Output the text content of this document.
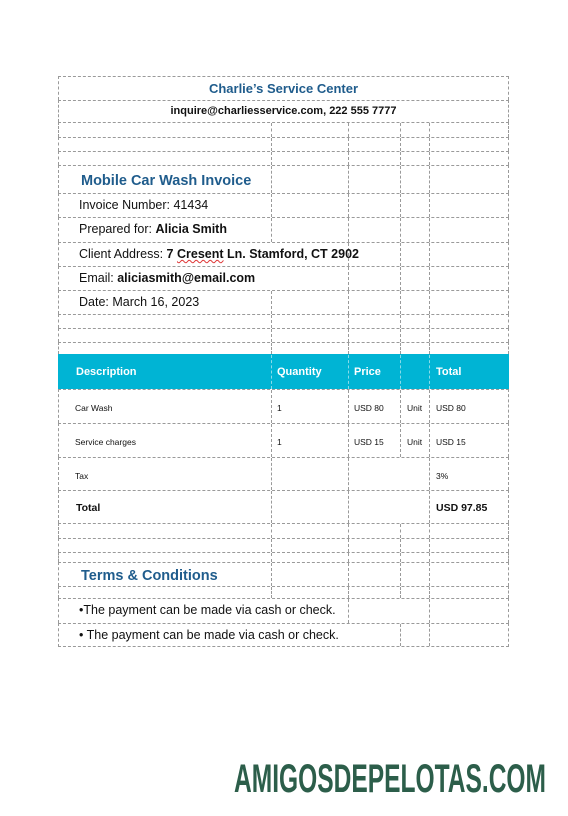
Charlie’s Service Center
inquire@charliesservice.com, 222 555 7777
Mobile Car Wash Invoice
Invoice Number: 41434
Prepared for: Alicia Smith
Client Address: 7 Cresent Ln. Stamford, CT 2902
Email: aliciasmith@email.com
Date: March 16, 2023
Description	Quantity	Price	Total
Car Wash	1	USD 80	Unit USD 80
Service charges	1	USD 15	Unit USD 15
Tax	3%
Total	USD 97.85
Terms & Conditions
•The payment can be made via cash or check.
• The payment can be made via cash or check.
AMIGOSDEPELOTAS.COM
